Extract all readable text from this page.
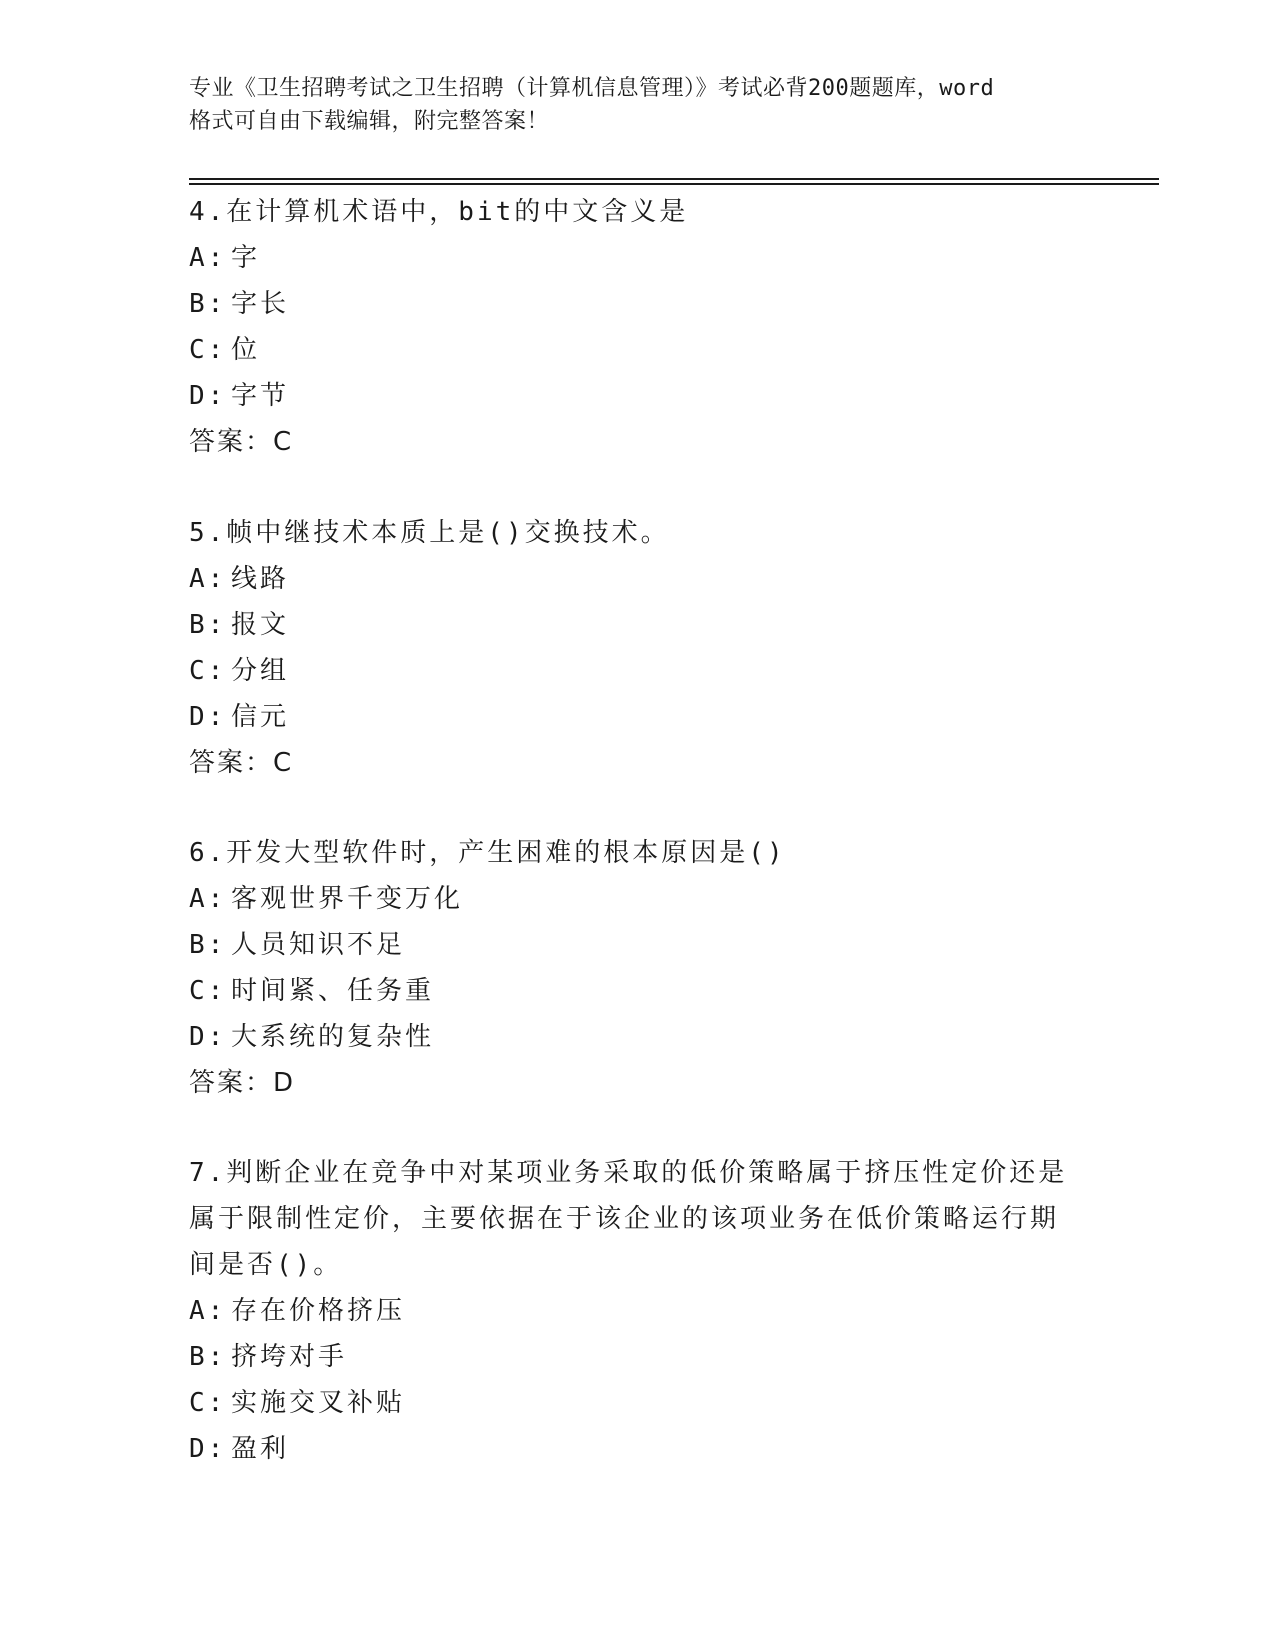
专业《卫生招聘考试之卫生招聘（计算机信息管理）》考试必背200题题库，word
格式可自由下载编辑，附完整答案！
4.在计算机术语中，bit的中文含义是
A: 字
B: 字长
C: 位
D: 字节
答案：C
5.帧中继技术本质上是()交换技术。
A: 线路
B: 报文
C: 分组
D: 信元
答案：C
6.开发大型软件时，产生困难的根本原因是()
A: 客观世界千变万化
B: 人员知识不足
C: 时间紧、任务重
D: 大系统的复杂性
答案：D
7.判断企业在竞争中对某项业务采取的低价策略属于挤压性定价还是
属于限制性定价，主要依据在于该企业的该项业务在低价策略运行期
间是否()。
A: 存在价格挤压
B: 挤垮对手
C: 实施交叉补贴
D: 盈利
